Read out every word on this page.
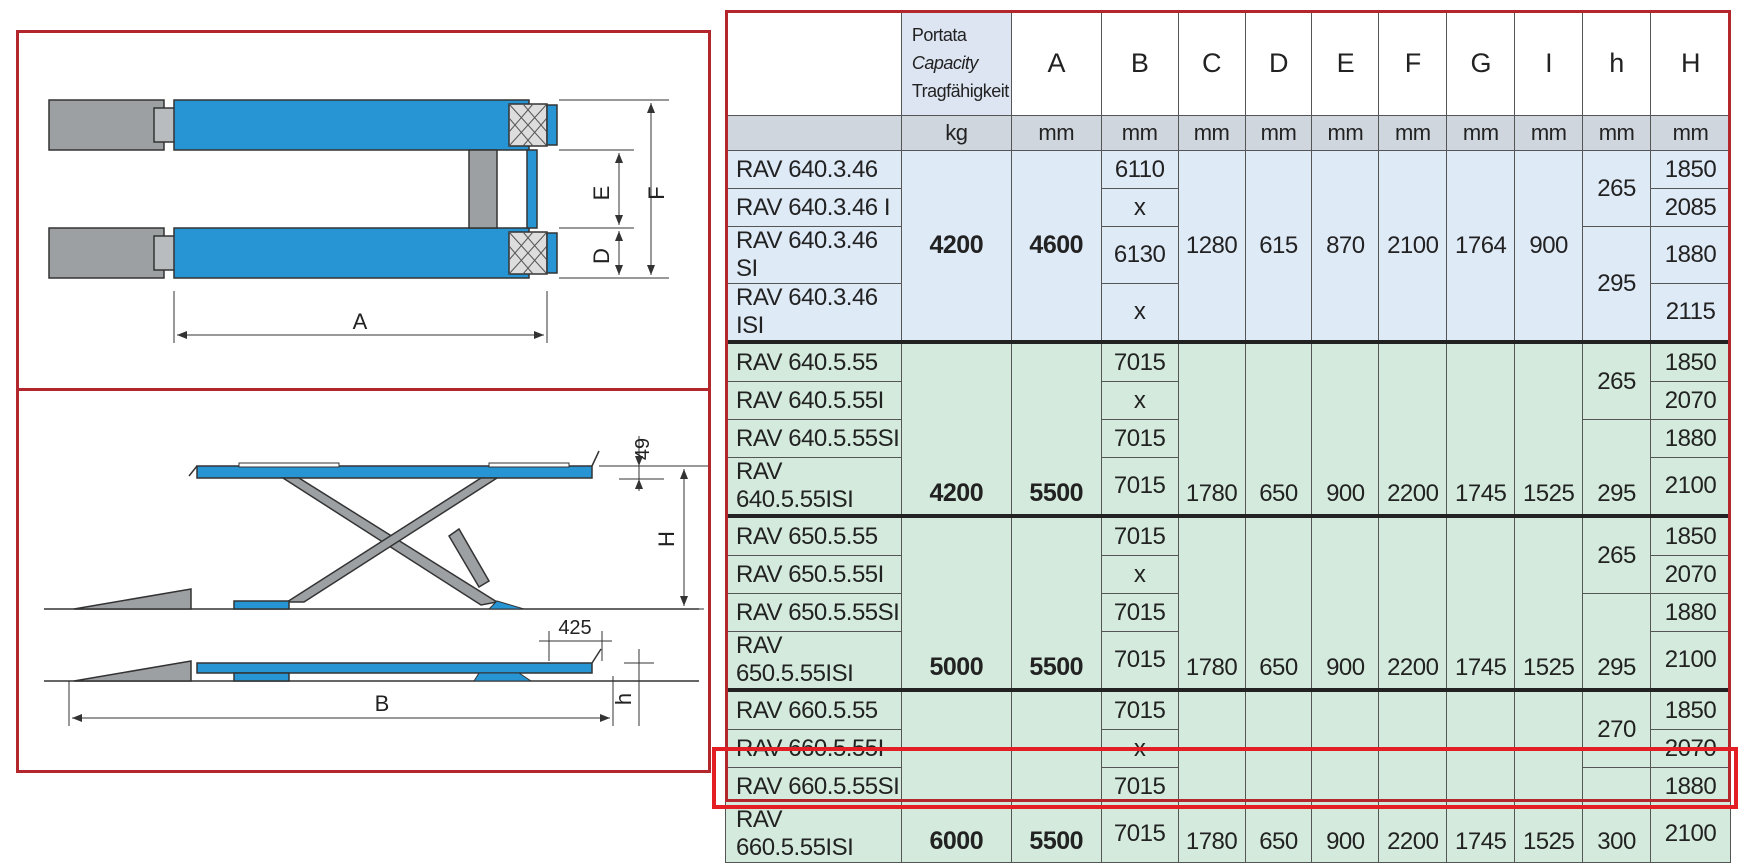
F
E
D
A
49
H
425
B	h

	Portata
Capacity
Tragfähigkeit	A	B	C	D	E	F	G	I	h	H
	kg	mm	mm	mm	mm	mm	mm	mm	mm	mm	mm
RAV 640.3.46	4200	4600	6110	1280	615	870	2100	1764	900	265	1850
RAV 640.3.46 I			x								2085
RAV 640.3.46 SI			6130							295	1880
RAV 640.3.46 ISI			x								2115
RAV 640.5.55	4200	5500	7015	1780	650	900	2200	1745	1525	265	1850
RAV 640.5.55I			x								2070
RAV 640.5.55SI			7015							295	1880
RAV 640.5.55ISI			7015								2100
RAV 650.5.55	5000	5500	7015	1780	650	900	2200	1745	1525	265	1850
RAV 650.5.55I			x								2070
RAV 650.5.55SI			7015							295	1880
RAV 650.5.55ISI			7015								2100
RAV 660.5.55	6000	5500	7015	1780	650	900	2200	1745	1525	270	1850
RAV 660.5.55I			x								2070
RAV 660.5.55SI			7015							300	1880
RAV 660.5.55ISI			7015								2100
